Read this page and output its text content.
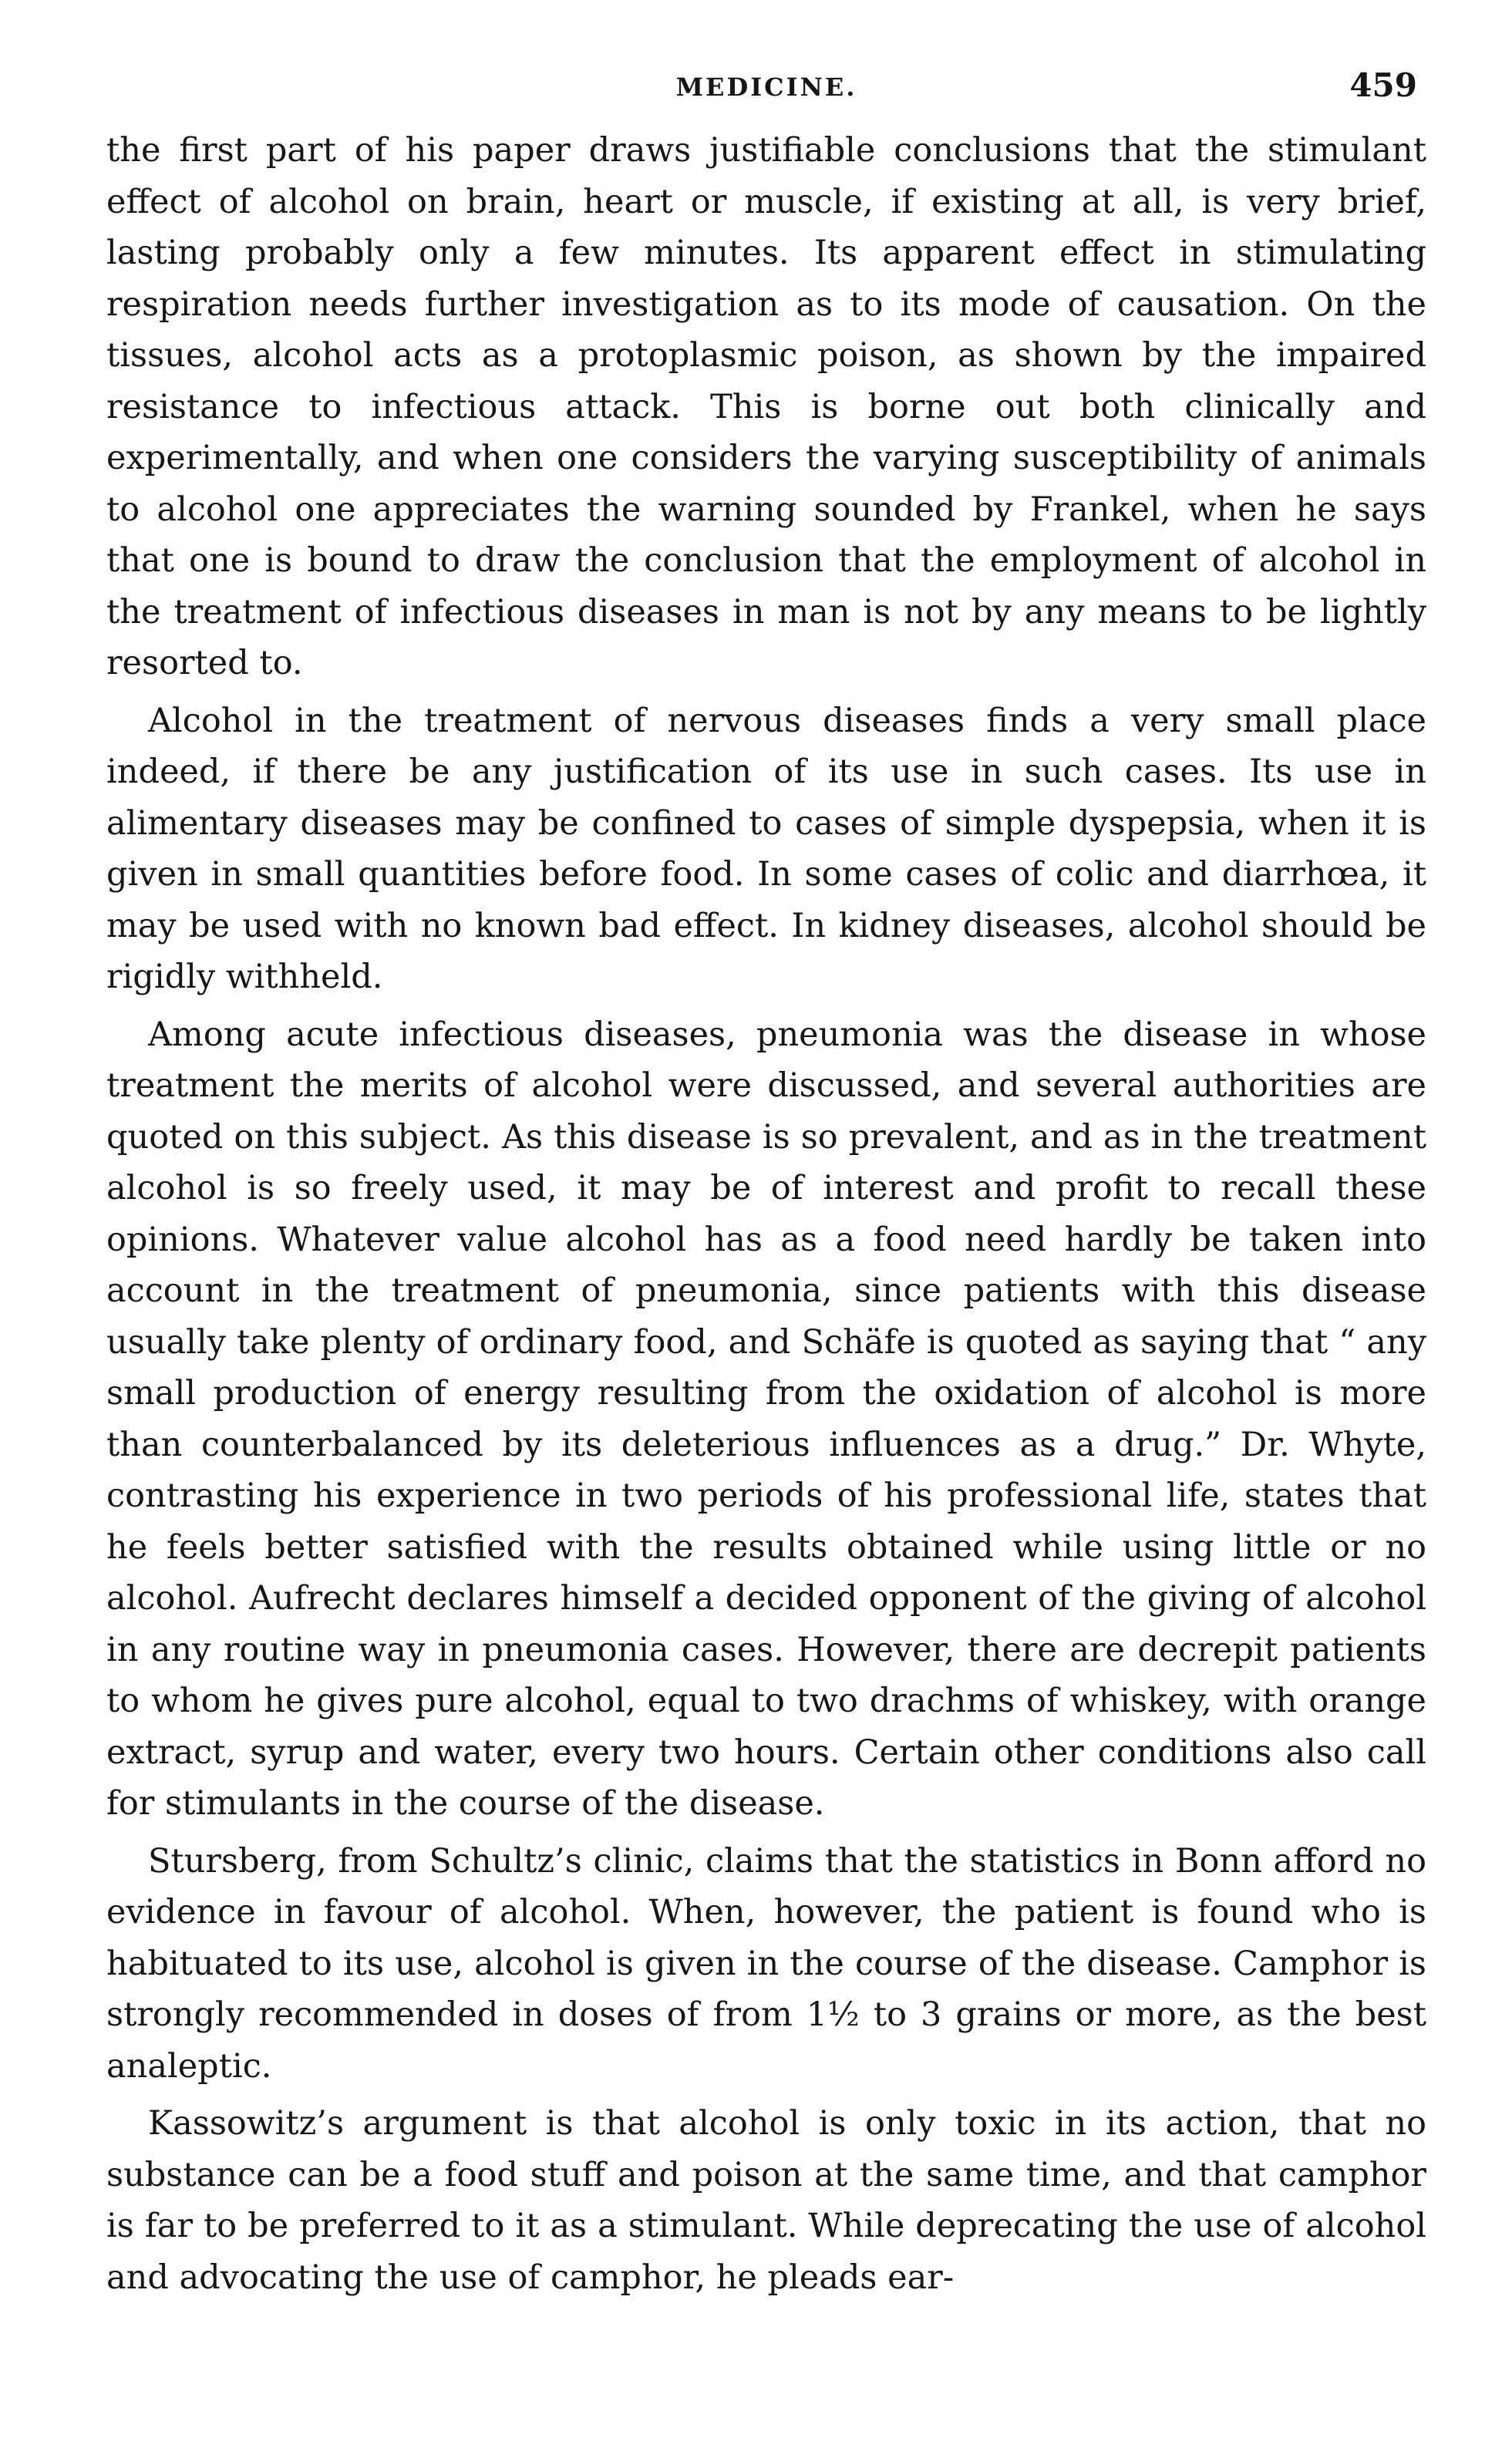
MEDICINE.	459

the first part of his paper draws justifiable conclusions that the stimulant effect of alcohol on brain, heart or muscle, if existing at all, is very brief, lasting probably only a few minutes. Its apparent effect in stimulating respiration needs further investigation as to its mode of causation. On the tissues, alcohol acts as a protoplasmic poison, as shown by the impaired resistance to infectious attack. This is borne out both clinically and experimentally, and when one considers the varying susceptibility of animals to alcohol one appreciates the warning sounded by Frankel, when he says that one is bound to draw the conclusion that the employment of alcohol in the treatment of infectious diseases in man is not by any means to be lightly resorted to.

Alcohol in the treatment of nervous diseases finds a very small place indeed, if there be any justification of its use in such cases. Its use in alimentary diseases may be confined to cases of simple dyspepsia, when it is given in small quantities before food. In some cases of colic and diarrhœa, it may be used with no known bad effect. In kidney diseases, alcohol should be rigidly withheld.

Among acute infectious diseases, pneumonia was the disease in whose treatment the merits of alcohol were discussed, and several authorities are quoted on this subject. As this disease is so prevalent, and as in the treatment alcohol is so freely used, it may be of interest and profit to recall these opinions. Whatever value alcohol has as a food need hardly be taken into account in the treatment of pneumonia, since patients with this disease usually take plenty of ordinary food, and Schäfe is quoted as saying that “ any small production of energy resulting from the oxidation of alcohol is more than counterbalanced by its deleterious influences as a drug.” Dr. Whyte, contrasting his experience in two periods of his professional life, states that he feels better satisfied with the results obtained while using little or no alcohol. Aufrecht declares himself a decided opponent of the giving of alcohol in any routine way in pneumonia cases. However, there are decrepit patients to whom he gives pure alcohol, equal to two drachms of whiskey, with orange extract, syrup and water, every two hours. Certain other conditions also call for stimulants in the course of the disease.

Stursberg, from Schultz’s clinic, claims that the statistics in Bonn afford no evidence in favour of alcohol. When, however, the patient is found who is habituated to its use, alcohol is given in the course of the disease. Camphor is strongly recommended in doses of from 1½ to 3 grains or more, as the best analeptic.

Kassowitz’s argument is that alcohol is only toxic in its action, that no substance can be a food stuff and poison at the same time, and that camphor is far to be preferred to it as a stimulant. While deprecating the use of alcohol and advocating the use of camphor, he pleads ear-
